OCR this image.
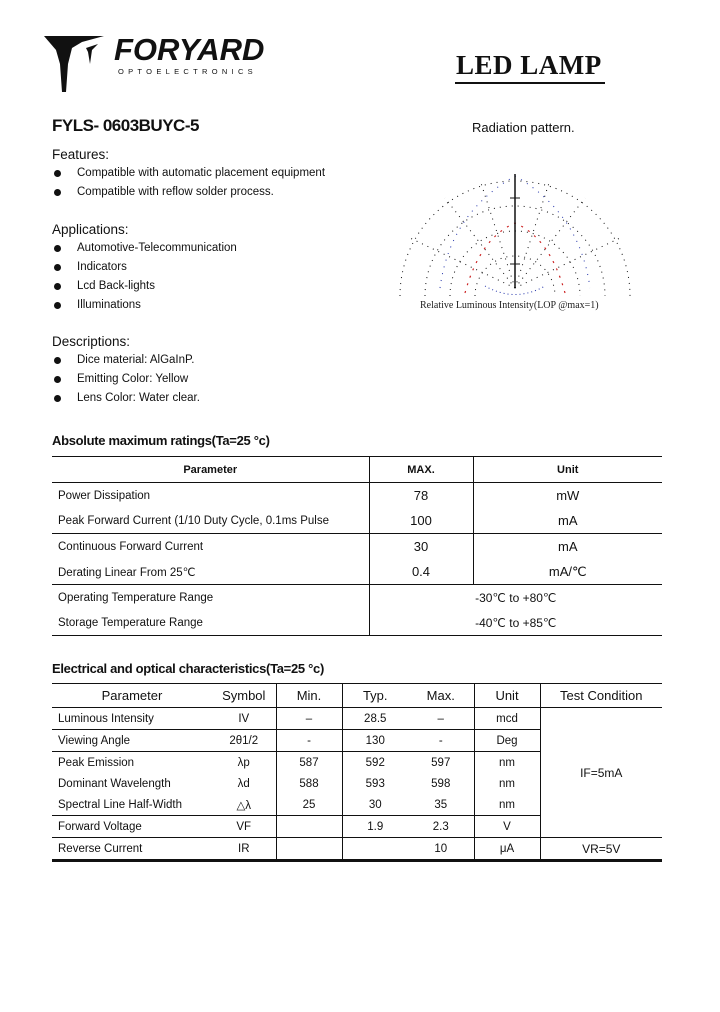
FORYARD
OPTOELECTRONICS	LED LAMP
FYLS- 0603BUYC-5	Radiation pattern.
Relative Luminous Intensity(LOP @max=1)
Features:
Compatible with automatic placement equipment
Compatible with reflow solder process.
Applications:
Automotive-Telecommunication
Indicators
Lcd Back-lights
Illuminations
Descriptions:
Dice material: AlGaInP.
Emitting Color: Yellow
Lens Color: Water clear.
Absolute maximum ratings(Ta=25 °c)
Parameter	MAX.	Unit
Power Dissipation	78	mW
Peak Forward Current (1/10 Duty Cycle, 0.1ms Pulse	100	mA
Continuous Forward Current	30	mA
Derating Linear From 25℃	0.4	mA/℃
Operating Temperature Range	-30℃ to +80℃	
Storage Temperature Range	-40℃ to +85℃	
Electrical and optical characteristics(Ta=25 °c)
Parameter	Symbol	Min.	Typ.	Max.	Unit	Test Condition
Luminous Intensity	IV	–	28.5	–	mcd	IF=5mA
Viewing Angle	2θ1/2	-	130	-	Deg	
Peak Emission	λp	587	592	597	nm	
Dominant Wavelength	λd	588	593	598	nm	
Spectral Line Half-Width	△λ	25	30	35	nm	
Forward Voltage	VF		1.9	2.3	V	
Reverse Current	IR			10	μA	VR=5V
